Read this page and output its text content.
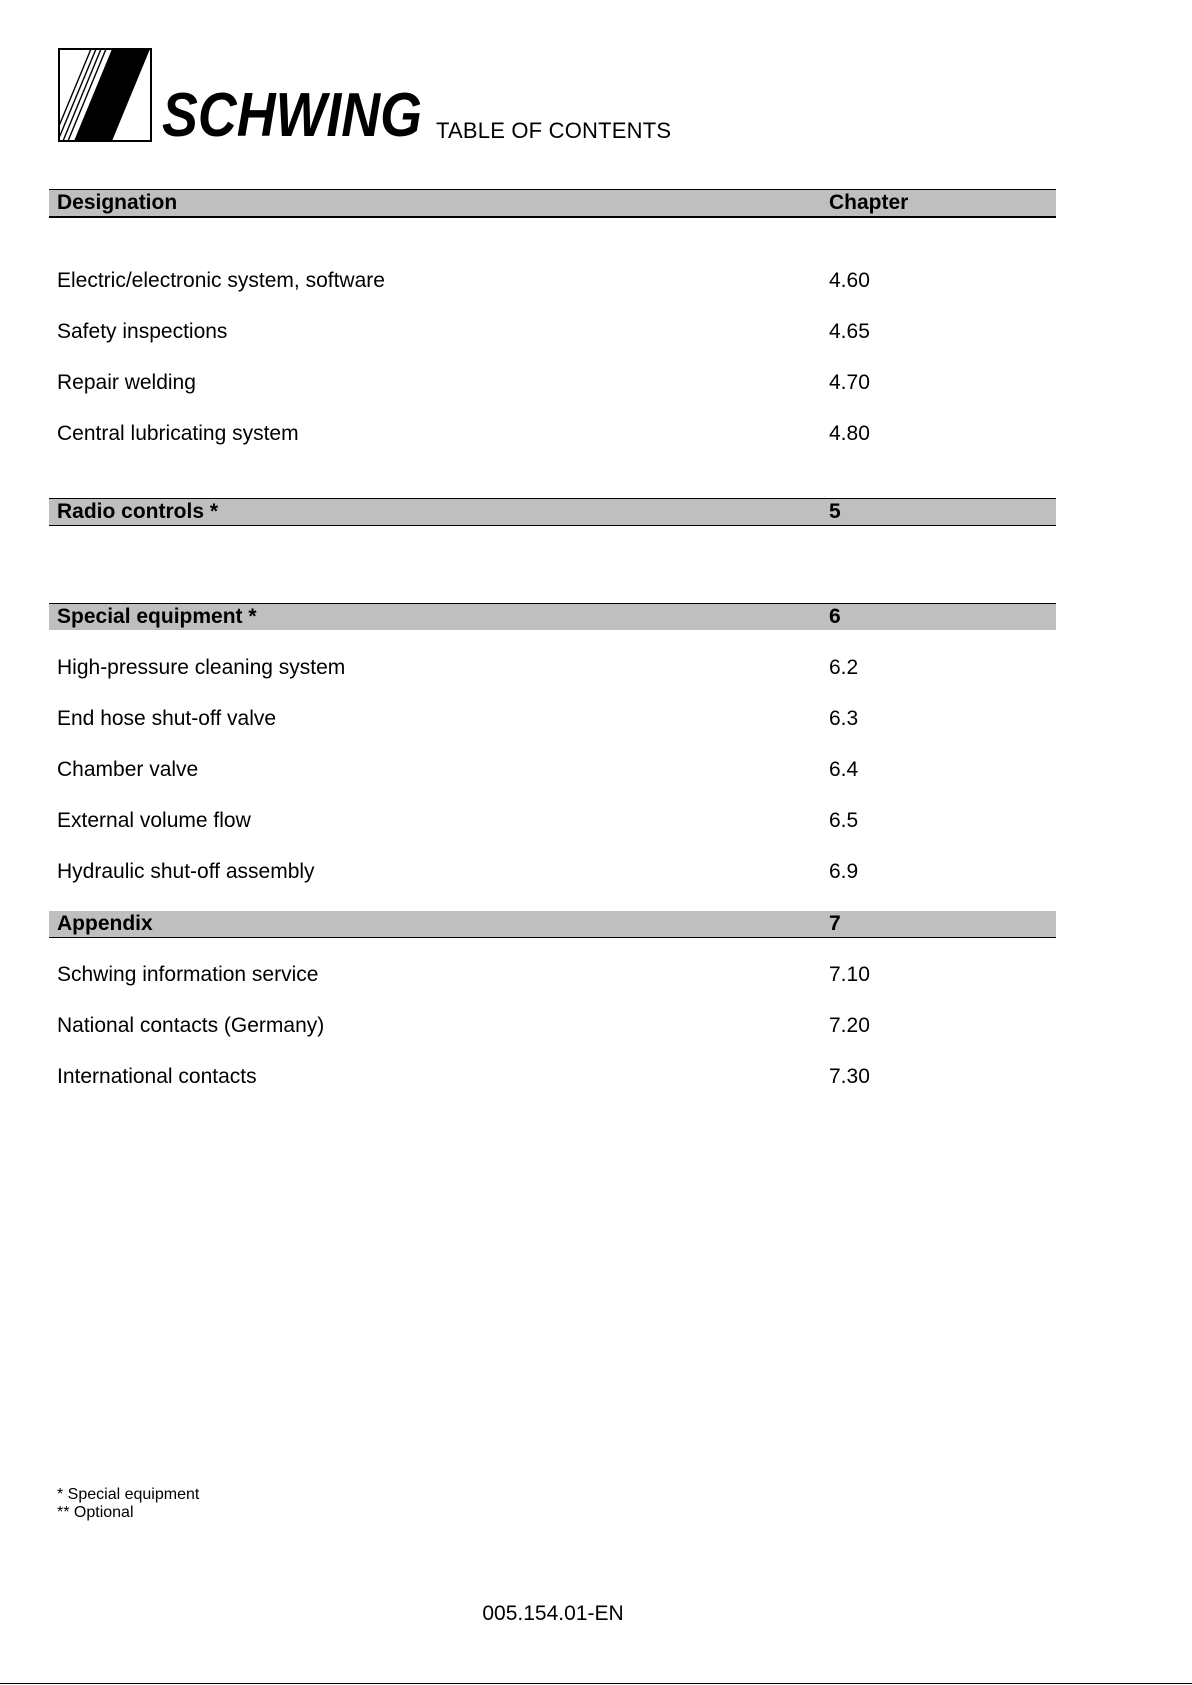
SCHWING TABLE OF CONTENTS
Designation	Chapter
Electric/electronic system, software	4.60
Safety inspections	4.65
Repair welding	4.70
Central lubricating system	4.80
Radio controls *	5
Special equipment *	6
High-pressure cleaning system	6.2
End hose shut-off valve	6.3
Chamber valve	6.4
External volume flow	6.5
Hydraulic shut-off assembly	6.9
Appendix	7
Schwing information service	7.10
National contacts (Germany)	7.20
International contacts	7.30
* Special equipment
** Optional
005.154.01-EN
